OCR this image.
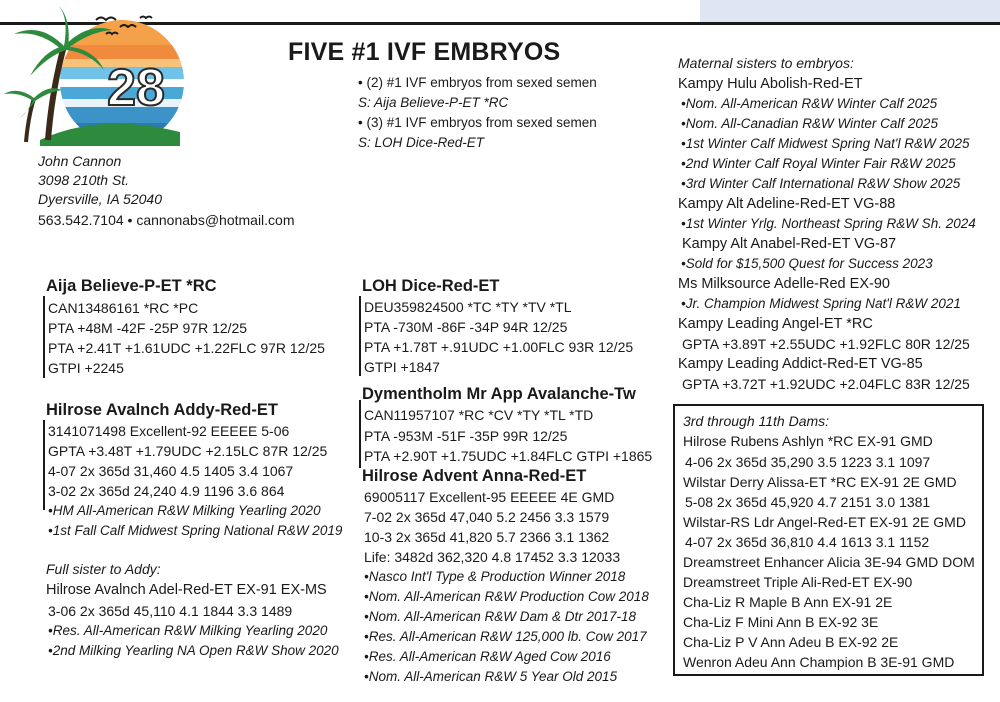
28
FIVE #1 IVF EMBRYOS
• (2) #1 IVF embryos from sexed semen
S: Aija Believe-P-ET *RC
• (3) #1 IVF embryos from sexed semen
S: LOH Dice-Red-ET
John Cannon
3098 210th St.
Dyersville, IA 52040
563.542.7104 • cannonabs@hotmail.com
Aija Believe-P-ET *RC
CAN13486161 *RC *PC
PTA +48M -42F -25P 97R 12/25
PTA +2.41T +1.61UDC +1.22FLC 97R 12/25
GTPI +2245
Hilrose Avalnch Addy-Red-ET
3141071498 Excellent-92 EEEEE 5-06
GPTA +3.48T +1.79UDC +2.15LC 87R 12/25
4-07 2x 365d 31,460 4.5 1405 3.4 1067
3-02 2x 365d 24,240 4.9 1196 3.6 864
•HM All-American R&W Milking Yearling 2020
•1st Fall Calf Midwest Spring National R&W 2019
Full sister to Addy:
Hilrose Avalnch Adel-Red-ET EX-91 EX-MS
3-06 2x 365d 45,110 4.1 1844 3.3 1489
•Res. All-American R&W Milking Yearling 2020
•2nd Milking Yearling NA Open R&W Show 2020
LOH Dice-Red-ET
DEU359824500 *TC *TY *TV *TL
PTA -730M -86F -34P 94R 12/25
PTA +1.78T +.91UDC +1.00FLC 93R 12/25
GTPI +1847
Dymentholm Mr App Avalanche-Tw
CAN11957107 *RC *CV *TY *TL *TD
PTA -953M -51F -35P 99R 12/25
PTA +2.90T +1.75UDC +1.84FLC GTPI +1865
Hilrose Advent Anna-Red-ET
69005117 Excellent-95 EEEEE 4E GMD
7-02 2x 365d 47,040 5.2 2456 3.3 1579
10-3 2x 365d 41,820 5.7 2366 3.1 1362
Life: 3482d 362,320 4.8 17452 3.3 12033
•Nasco Int'l Type & Production Winner 2018
•Nom. All-American R&W Production Cow 2018
•Nom. All-American R&W Dam & Dtr 2017-18
•Res. All-American R&W 125,000 lb. Cow 2017
•Res. All-American R&W Aged Cow 2016
•Nom. All-American R&W 5 Year Old 2015
Maternal sisters to embryos:
Kampy Hulu Abolish-Red-ET
•Nom. All-American R&W Winter Calf 2025
•Nom. All-Canadian R&W Winter Calf 2025
•1st Winter Calf Midwest Spring Nat'l R&W 2025
•2nd Winter Calf Royal Winter Fair R&W 2025
•3rd Winter Calf International R&W Show 2025
Kampy Alt Adeline-Red-ET VG-88
•1st Winter Yrlg. Northeast Spring R&W Sh. 2024
Kampy Alt Anabel-Red-ET VG-87
•Sold for $15,500 Quest for Success 2023
Ms Milksource Adelle-Red EX-90
•Jr. Champion Midwest Spring Nat'l R&W 2021
Kampy Leading Angel-ET *RC
GPTA +3.89T +2.55UDC +1.92FLC 80R 12/25
Kampy Leading Addict-Red-ET VG-85
GPTA +3.72T +1.92UDC +2.04FLC 83R 12/25
3rd through 11th Dams:
Hilrose Rubens Ashlyn *RC EX-91 GMD
4-06 2x 365d 35,290 3.5 1223 3.1 1097
Wilstar Derry Alissa-ET *RC EX-91 2E GMD
5-08 2x 365d 45,920 4.7 2151 3.0 1381
Wilstar-RS Ldr Angel-Red-ET EX-91 2E GMD
4-07 2x 365d 36,810 4.4 1613 3.1 1152
Dreamstreet Enhancer Alicia 3E-94 GMD DOM
Dreamstreet Triple Ali-Red-ET EX-90
Cha-Liz R Maple B Ann EX-91 2E
Cha-Liz F Mini Ann B EX-92 3E
Cha-Liz P V Ann Adeu B EX-92 2E
Wenron Adeu Ann Champion B 3E-91 GMD
